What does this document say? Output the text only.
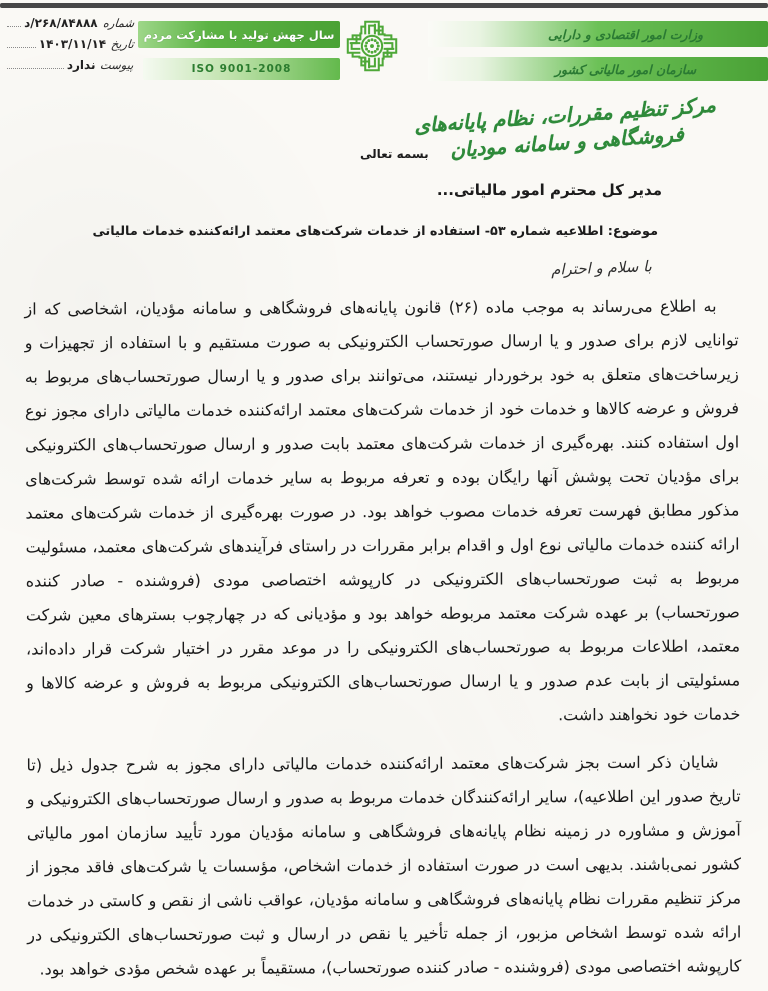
شماره
۲۶۸/۸۴۸۸۸/د
تاریخ
۱۴۰۳/۱۱/۱۴
پیوست
ندارد
سال جهش تولید با مشارکت مردم
ISO 9001-2008
وزارت امور اقتصادی و دارایی
سازمان امور مالیاتی کشور
مرکز تنظیم مقررات، نظام پایانه‌های فروشگاهی و سامانه مودیان
بسمه تعالی
مدیر کل محترم امور مالیاتی...
موضوع: اطلاعیه شماره ۵۳- استفاده از خدمات شرکت‌های معتمد ارائه‌کننده خدمات مالیاتی
با سلام و احترام

به اطلاع می‌رساند به موجب ماده (۲۶) قانون پایانه‌های فروشگاهی و سامانه مؤدیان، اشخاصی که از توانایی لازم برای صدور و یا ارسال صورتحساب الکترونیکی به صورت مستقیم و با استفاده از تجهیزات و زیرساخت‌های متعلق به خود برخوردار نیستند، می‌توانند برای صدور و یا ارسال صورتحساب‌های مربوط به فروش و عرضه کالاها و خدمات خود از خدمات شرکت‌های معتمد ارائه‌کننده خدمات مالیاتی دارای مجوز نوع اول استفاده کنند. بهره‌گیری از خدمات شرکت‌های معتمد بابت صدور و ارسال صورتحساب‌های الکترونیکی برای مؤدیان تحت پوشش آنها رایگان بوده و تعرفه مربوط به سایر خدمات ارائه شده توسط شرکت‌های مذکور مطابق فهرست تعرفه خدمات مصوب خواهد بود. در صورت بهره‌گیری از خدمات شرکت‌های معتمد ارائه کننده خدمات مالیاتی نوع اول و اقدام برابر مقررات در راستای فرآیندهای شرکت‌های معتمد، مسئولیت مربوط به ثبت صورتحساب‌های الکترونیکی در کارپوشه اختصاصی مودی (فروشنده - صادر کننده صورتحساب) بر عهده شرکت معتمد مربوطه خواهد بود و مؤدیانی که در چهارچوب بسترهای معین شرکت معتمد، اطلاعات مربوط به صورتحساب‌های الکترونیکی را در موعد مقرر در اختیار شرکت قرار داده‌اند، مسئولیتی از بابت عدم صدور و یا ارسال صورتحساب‌های الکترونیکی مربوط به فروش و عرضه کالاها و خدمات خود نخواهند داشت.

شایان ذکر است بجز شرکت‌های معتمد ارائه‌کننده خدمات مالیاتی دارای مجوز به شرح جدول ذیل (تا تاریخ صدور این اطلاعیه)، سایر ارائه‌کنندگان خدمات مربوط به صدور و ارسال صورتحساب‌های الکترونیکی و آموزش و مشاوره در زمینه نظام پایانه‌های فروشگاهی و سامانه مؤدیان مورد تأیید سازمان امور مالیاتی کشور نمی‌باشند. بدیهی است در صورت استفاده از خدمات اشخاص، مؤسسات یا شرکت‌های فاقد مجوز از مرکز تنظیم مقررات نظام پایانه‌های فروشگاهی و سامانه مؤدیان، عواقب ناشی از نقص و کاستی در خدمات ارائه شده توسط اشخاص مزبور، از جمله تأخیر یا نقص در ارسال و ثبت صورتحساب‌های الکترونیکی در کارپوشه اختصاصی مودی (فروشنده - صادر کننده صورتحساب)، مستقیماً بر عهده شخص مؤدی خواهد بود.
